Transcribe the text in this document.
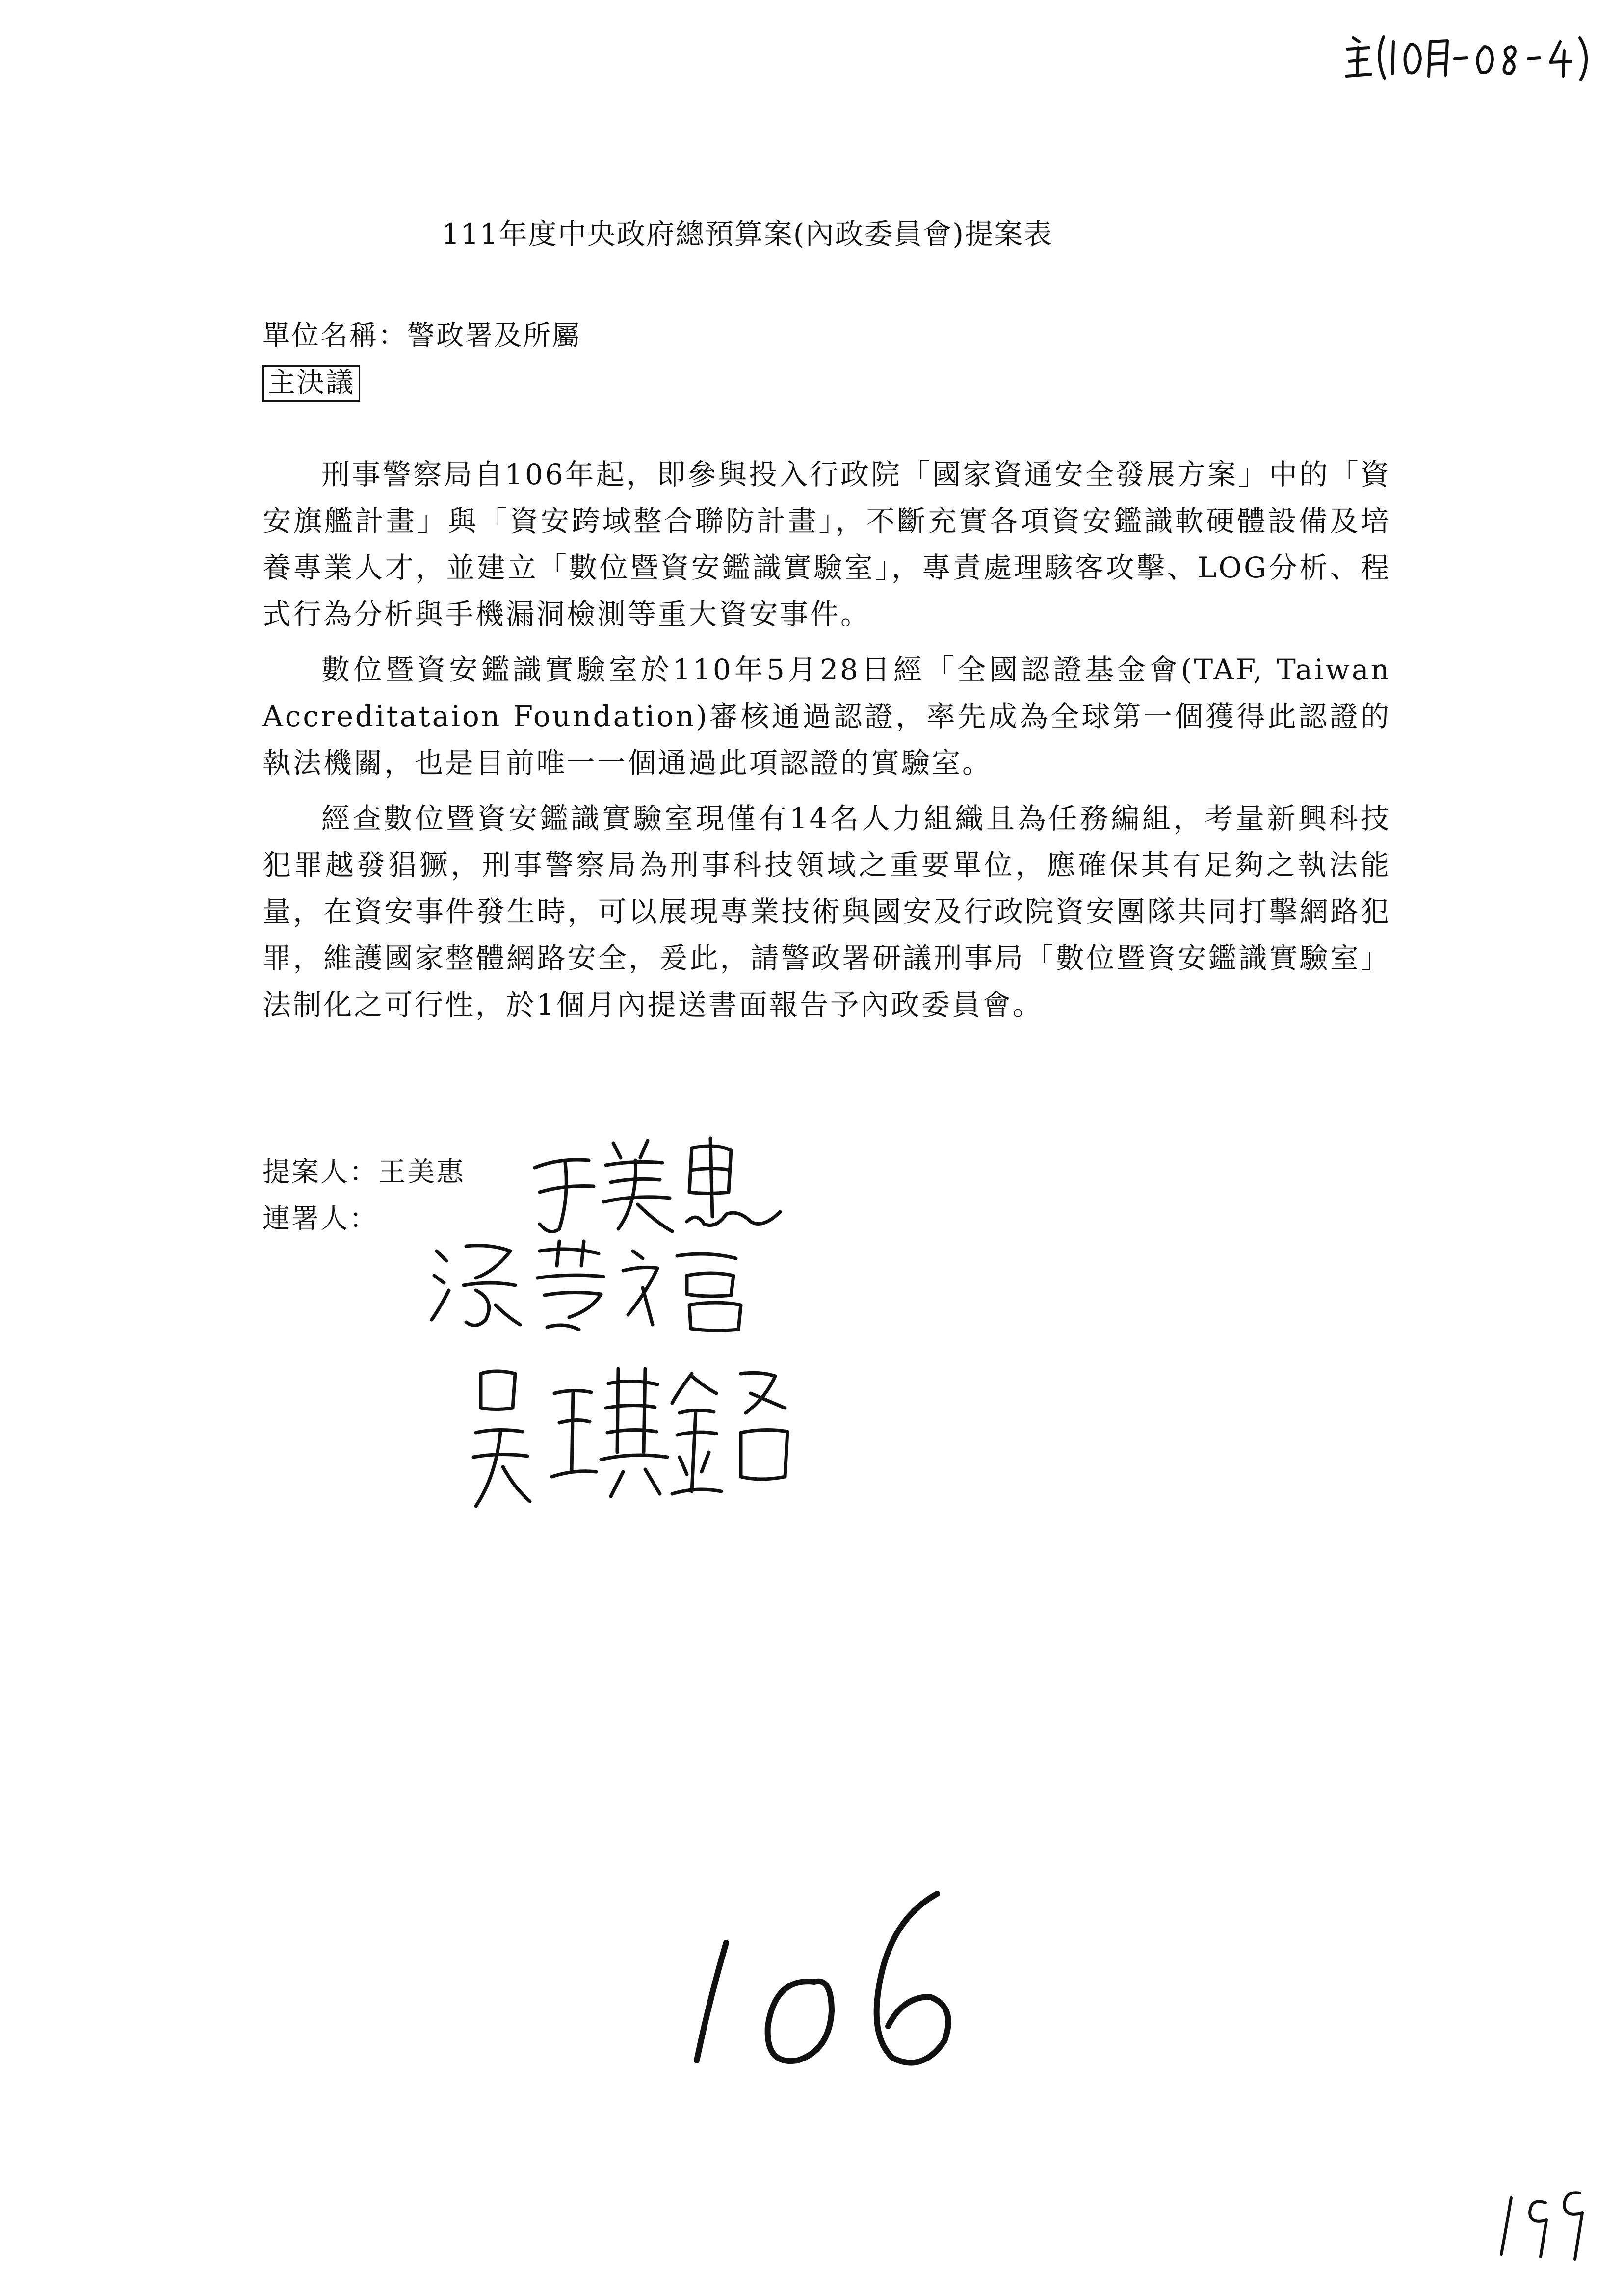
111年度中央政府總預算案(內政委員會)提案表
單位名稱：警政署及所屬
主決議

刑事警察局自106年起，即參與投入行政院「國家資通安全發展方案」中的「資安旗艦計畫」與「資安跨域整合聯防計畫」，不斷充實各項資安鑑識軟硬體設備及培養專業人才，並建立「數位暨資安鑑識實驗室」，專責處理駭客攻擊、LOG分析、程式行為分析與手機漏洞檢測等重大資安事件。

數位暨資安鑑識實驗室於110年5月28日經「全國認證基金會(TAF, Taiwan Accreditataion Foundation)審核通過認證，率先成為全球第一個獲得此認證的執法機關，也是目前唯一一個通過此項認證的實驗室。

經查數位暨資安鑑識實驗室現僅有14名人力組織且為任務編組，考量新興科技犯罪越發猖獗，刑事警察局為刑事科技領域之重要單位，應確保其有足夠之執法能量，在資安事件發生時，可以展現專業技術與國安及行政院資安團隊共同打擊網路犯罪，維護國家整體網路安全，爰此，請警政署研議刑事局「數位暨資安鑑識實驗室」法制化之可行性，於1個月內提送書面報告予內政委員會。

提案人：王美惠
連署人：
